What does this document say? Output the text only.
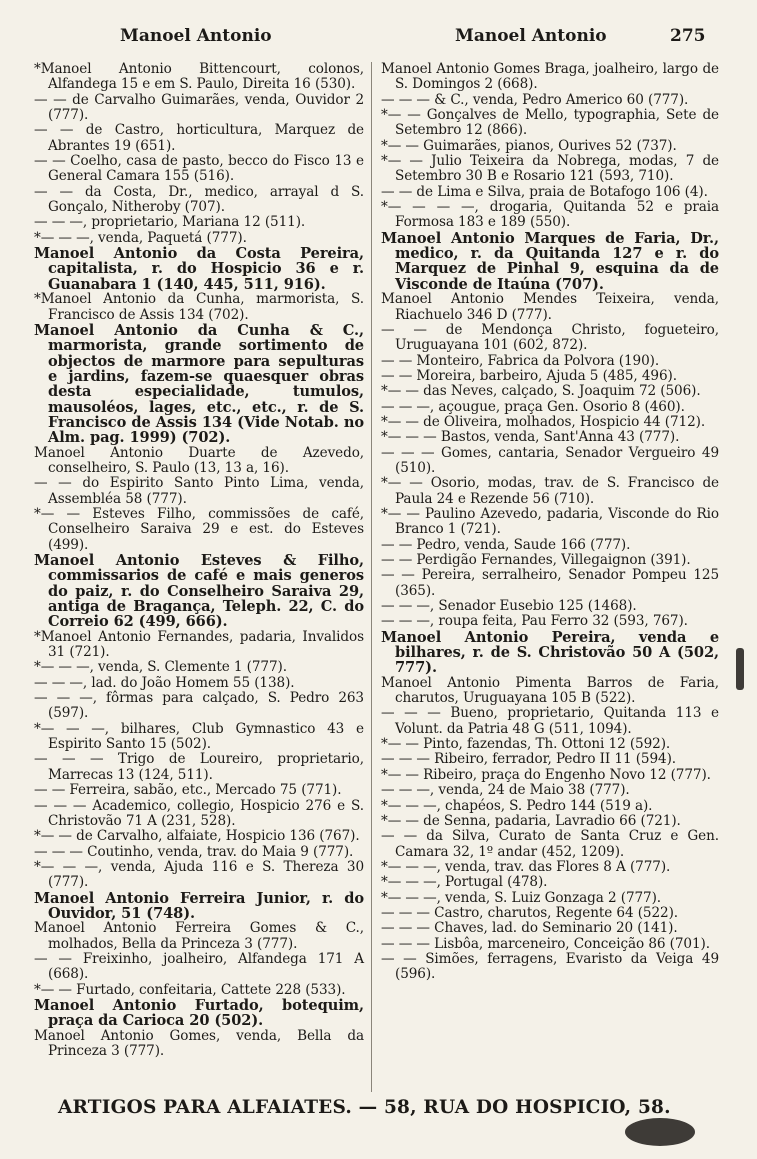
Manoel Antonio	Manoel Antonio	275

*Manoel Antonio Bittencourt, colonos, Alfandega 15 e em S. Paulo, Direita 16 (530).

— — de Carvalho Guimarães, venda, Ouvidor 2 (777).

— — de Castro, horticultura, Marquez de Abrantes 19 (651).

— — Coelho, casa de pasto, becco do Fisco 13 e General Camara 155 (516).

— — da Costa, Dr., medico, arrayal d S. Gonçalo, Nitheroby (707).

— — —, proprietario, Mariana 12 (511).

*— — —, venda, Paquetá (777).

Manoel Antonio da Costa Pereira, capitalista, r. do Hospicio 36 e r. Guanabara 1 (140, 445, 511, 916).

*Manoel Antonio da Cunha, marmorista, S. Francisco de Assis 134 (702).

Manoel Antonio da Cunha & C., marmorista, grande sortimento de objectos de marmore para sepulturas e jardins, fazem-se quaesquer obras desta especialidade, tumulos, mausoléos, lages, etc., etc., r. de S. Francisco de Assis 134 (Vide Notab. no Alm. pag. 1999) (702).

Manoel Antonio Duarte de Azevedo, conselheiro, S. Paulo (13, 13 a, 16).

— — do Espirito Santo Pinto Lima, venda, Assembléa 58 (777).

*— — Esteves Filho, commissões de café, Conselheiro Saraiva 29 e est. do Esteves (499).

Manoel Antonio Esteves & Filho, commissarios de café e mais generos do paiz, r. do Conselheiro Saraiva 29, antiga de Bragança, Teleph. 22, C. do Correio 62 (499, 666).

*Manoel Antonio Fernandes, padaria, Invalidos 31 (721).

*— — —, venda, S. Clemente 1 (777).

— — —, lad. do João Homem 55 (138).

— — —, fôrmas para calçado, S. Pedro 263 (597).

*— — —, bilhares, Club Gymnastico 43 e Espirito Santo 15 (502).

— — — Trigo de Loureiro, proprietario, Marrecas 13 (124, 511).

— — Ferreira, sabão, etc., Mercado 75 (771).

— — — Academico, collegio, Hospicio 276 e S. Christovão 71 A (231, 528).

*— — de Carvalho, alfaiate, Hospicio 136 (767).

— — — Coutinho, venda, trav. do Maia 9 (777).

*— — —, venda, Ajuda 116 e S. Thereza 30 (777).

Manoel Antonio Ferreira Junior, r. do Ouvidor, 51 (748).

Manoel Antonio Ferreira Gomes & C., molhados, Bella da Princeza 3 (777).

— — Freixinho, joalheiro, Alfandega 171 A (668).

*— — Furtado, confeitaria, Cattete 228 (533).

Manoel Antonio Furtado, botequim, praça da Carioca 20 (502).

Manoel Antonio Gomes, venda, Bella da Princeza 3 (777).

Manoel Antonio Gomes Braga, joalheiro, largo de S. Domingos 2 (668).

— — — & C., venda, Pedro Americo 60 (777).

*— — Gonçalves de Mello, typographia, Sete de Setembro 12 (866).

*— — Guimarães, pianos, Ourives 52 (737).

*— — Julio Teixeira da Nobrega, modas, 7 de Setembro 30 B e Rosario 121 (593, 710).

— — de Lima e Silva, praia de Botafogo 106 (4).

*— — — —, drogaria, Quitanda 52 e praia Formosa 183 e 189 (550).

Manoel Antonio Marques de Faria, Dr., medico, r. da Quitanda 127 e r. do Marquez de Pinhal 9, esquina da de Visconde de Itaúna (707).

Manoel Antonio Mendes Teixeira, venda, Riachuelo 346 D (777).

— — de Mendonça Christo, fogueteiro, Uruguayana 101 (602, 872).

— — Monteiro, Fabrica da Polvora (190).

— — Moreira, barbeiro, Ajuda 5 (485, 496).

*— — das Neves, calçado, S. Joaquim 72 (506).

— — —, açougue, praça Gen. Osorio 8 (460).

*— — de Oliveira, molhados, Hospicio 44 (712).

*— — — Bastos, venda, Sant'Anna 43 (777).

— — — Gomes, cantaria, Senador Vergueiro 49 (510).

*— — Osorio, modas, trav. de S. Francisco de Paula 24 e Rezende 56 (710).

*— — Paulino Azevedo, padaria, Visconde do Rio Branco 1 (721).

— — Pedro, venda, Saude 166 (777).

— — Perdigão Fernandes, Villegaignon (391).

— — Pereira, serralheiro, Senador Pompeu 125 (365).

— — —, Senador Eusebio 125 (1468).

— — —, roupa feita, Pau Ferro 32 (593, 767).

Manoel Antonio Pereira, venda e bilhares, r. de S. Christovão 50 A (502, 777).

Manoel Antonio Pimenta Barros de Faria, charutos, Uruguayana 105 B (522).

— — — Bueno, proprietario, Quitanda 113 e Volunt. da Patria 48 G (511, 1094).

*— — Pinto, fazendas, Th. Ottoni 12 (592).

— — — Ribeiro, ferrador, Pedro II 11 (594).

*— — Ribeiro, praça do Engenho Novo 12 (777).

— — —, venda, 24 de Maio 38 (777).

*— — —, chapéos, S. Pedro 144 (519 a).

*— — de Senna, padaria, Lavradio 66 (721).

— — da Silva, Curato de Santa Cruz e Gen. Camara 32, 1º andar (452, 1209).

*— — —, venda, trav. das Flores 8 A (777).

*— — —, Portugal (478).

*— — —, venda, S. Luiz Gonzaga 2 (777).

— — — Castro, charutos, Regente 64 (522).

— — — Chaves, lad. do Seminario 20 (141).

— — — Lisbôa, marceneiro, Conceição 86 (701).

— — Simões, ferragens, Evaristo da Veiga 49 (596).

ARTIGOS PARA ALFAIATES. — 58, RUA DO HOSPICIO, 58.
